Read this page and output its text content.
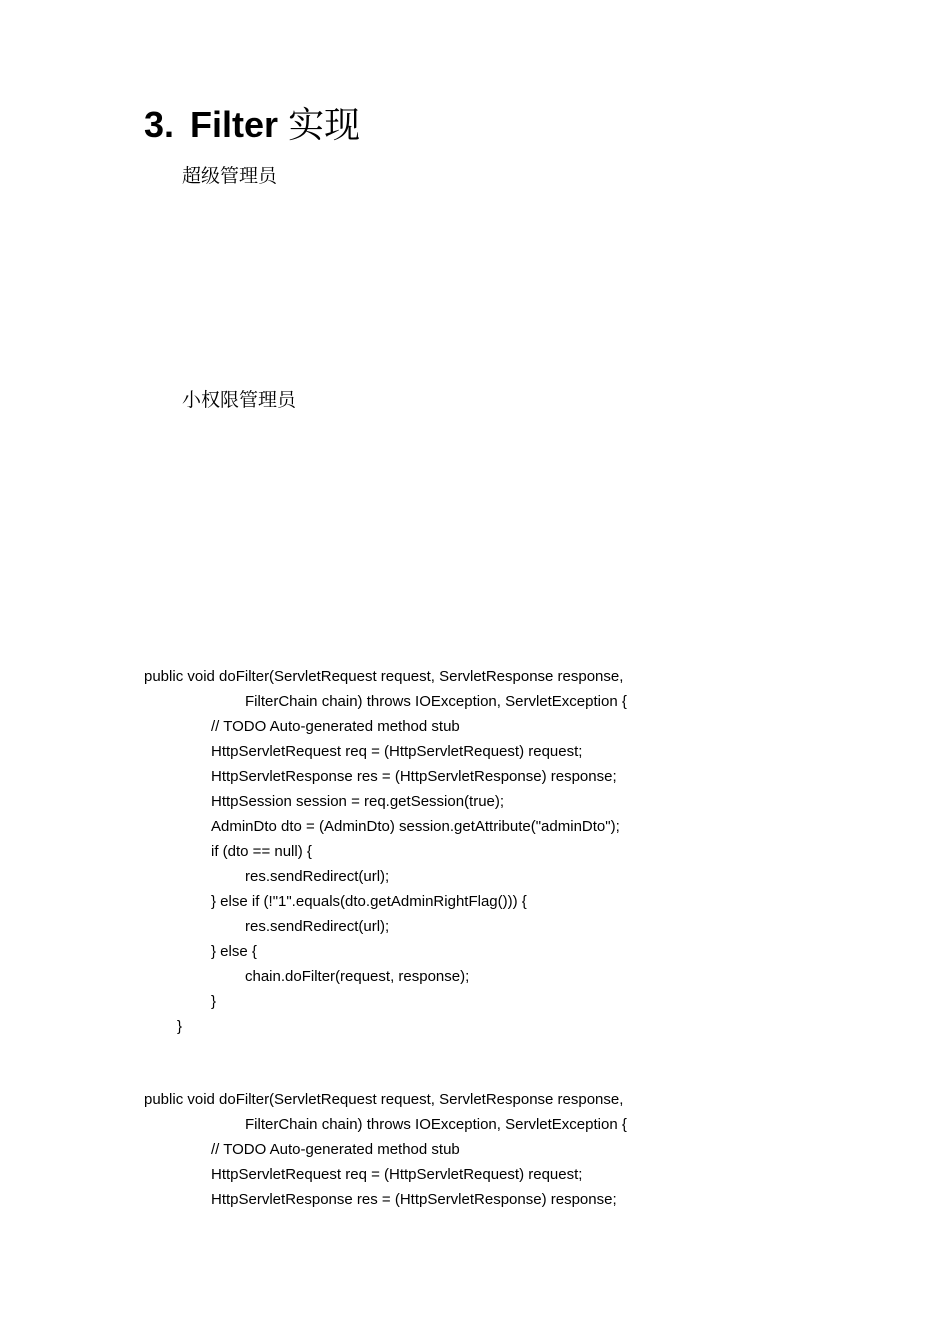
3. Filter 实现

超级管理员

小权限管理员

public void doFilter(ServletRequest request, ServletResponse response,
FilterChain chain) throws IOException, ServletException {
// TODO Auto-generated method stub
HttpServletRequest req = (HttpServletRequest) request;
HttpServletResponse res = (HttpServletResponse) response;
HttpSession session = req.getSession(true);
AdminDto dto = (AdminDto) session.getAttribute("adminDto");
if (dto == null) {
res.sendRedirect(url);
} else if (!"1".equals(dto.getAdminRightFlag())) {
res.sendRedirect(url);
} else {
chain.doFilter(request, response);
}
}
public void doFilter(ServletRequest request, ServletResponse response,
FilterChain chain) throws IOException, ServletException {
// TODO Auto-generated method stub
HttpServletRequest req = (HttpServletRequest) request;
HttpServletResponse res = (HttpServletResponse) response;
